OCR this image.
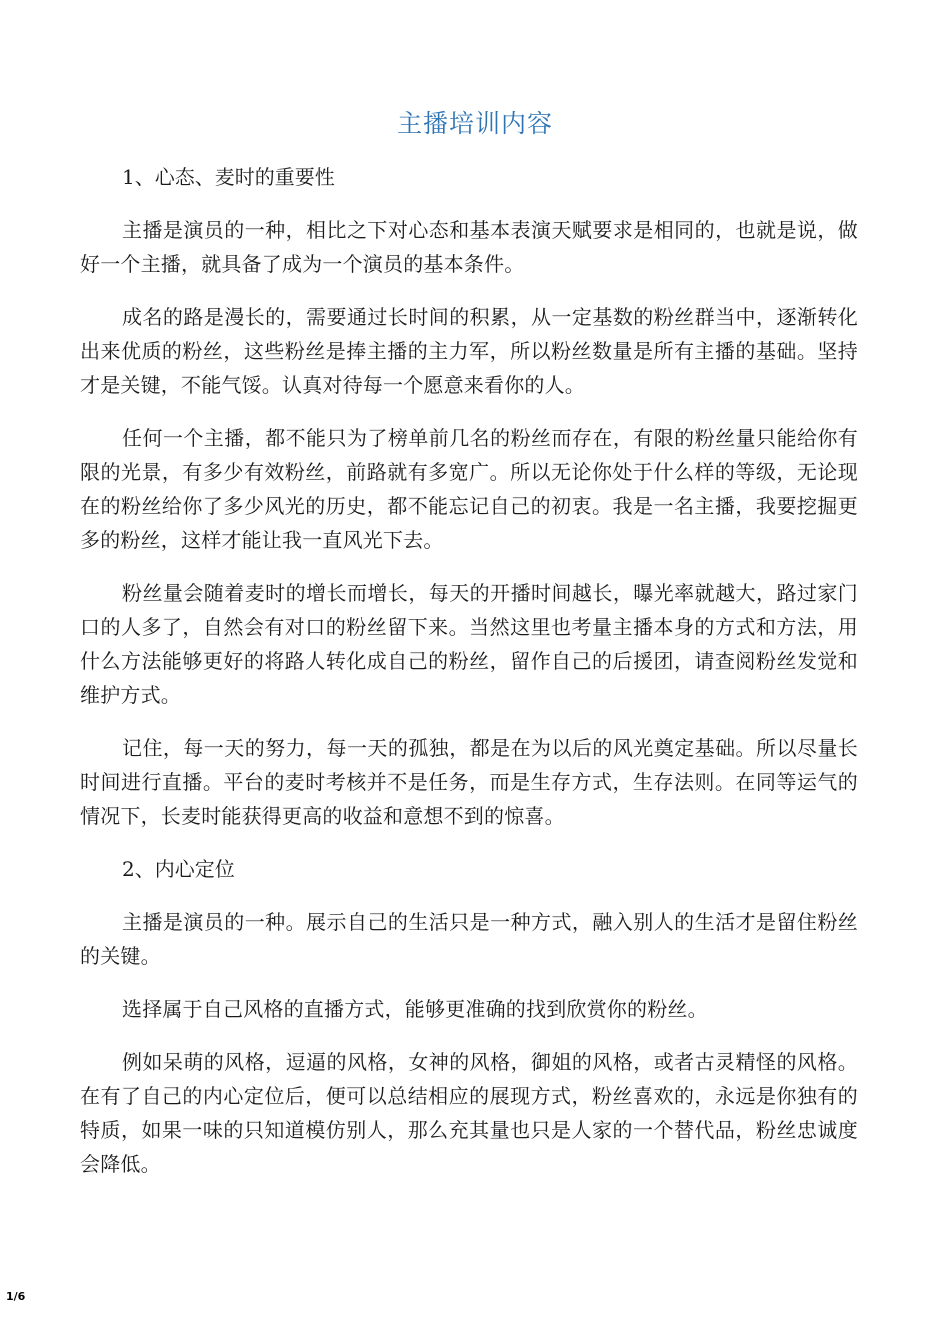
主播培训内容

1、心态、麦时的重要性

主播是演员的一种，相比之下对心态和基本表演天赋要求是相同的，也就是说，做好一个主播，就具备了成为一个演员的基本条件。

成名的路是漫长的，需要通过长时间的积累，从一定基数的粉丝群当中，逐渐转化出来优质的粉丝，这些粉丝是捧主播的主力军，所以粉丝数量是所有主播的基础。坚持才是关键，不能气馁。认真对待每一个愿意来看你的人。

任何一个主播，都不能只为了榜单前几名的粉丝而存在，有限的粉丝量只能给你有限的光景，有多少有效粉丝，前路就有多宽广。所以无论你处于什么样的等级，无论现在的粉丝给你了多少风光的历史，都不能忘记自己的初衷。我是一名主播，我要挖掘更多的粉丝，这样才能让我一直风光下去。

粉丝量会随着麦时的增长而增长，每天的开播时间越长，曝光率就越大，路过家门口的人多了，自然会有对口的粉丝留下来。当然这里也考量主播本身的方式和方法，用什么方法能够更好的将路人转化成自己的粉丝，留作自己的后援团，请查阅粉丝发觉和维护方式。

记住，每一天的努力，每一天的孤独，都是在为以后的风光奠定基础。所以尽量长时间进行直播。平台的麦时考核并不是任务，而是生存方式，生存法则。在同等运气的情况下，长麦时能获得更高的收益和意想不到的惊喜。

2、内心定位

主播是演员的一种。展示自己的生活只是一种方式，融入别人的生活才是留住粉丝的关键。

选择属于自己风格的直播方式，能够更准确的找到欣赏你的粉丝。

例如呆萌的风格，逗逼的风格，女神的风格，御姐的风格，或者古灵精怪的风格。在有了自己的内心定位后，便可以总结相应的展现方式，粉丝喜欢的，永远是你独有的特质，如果一味的只知道模仿别人，那么充其量也只是人家的一个替代品，粉丝忠诚度会降低。

1/6
